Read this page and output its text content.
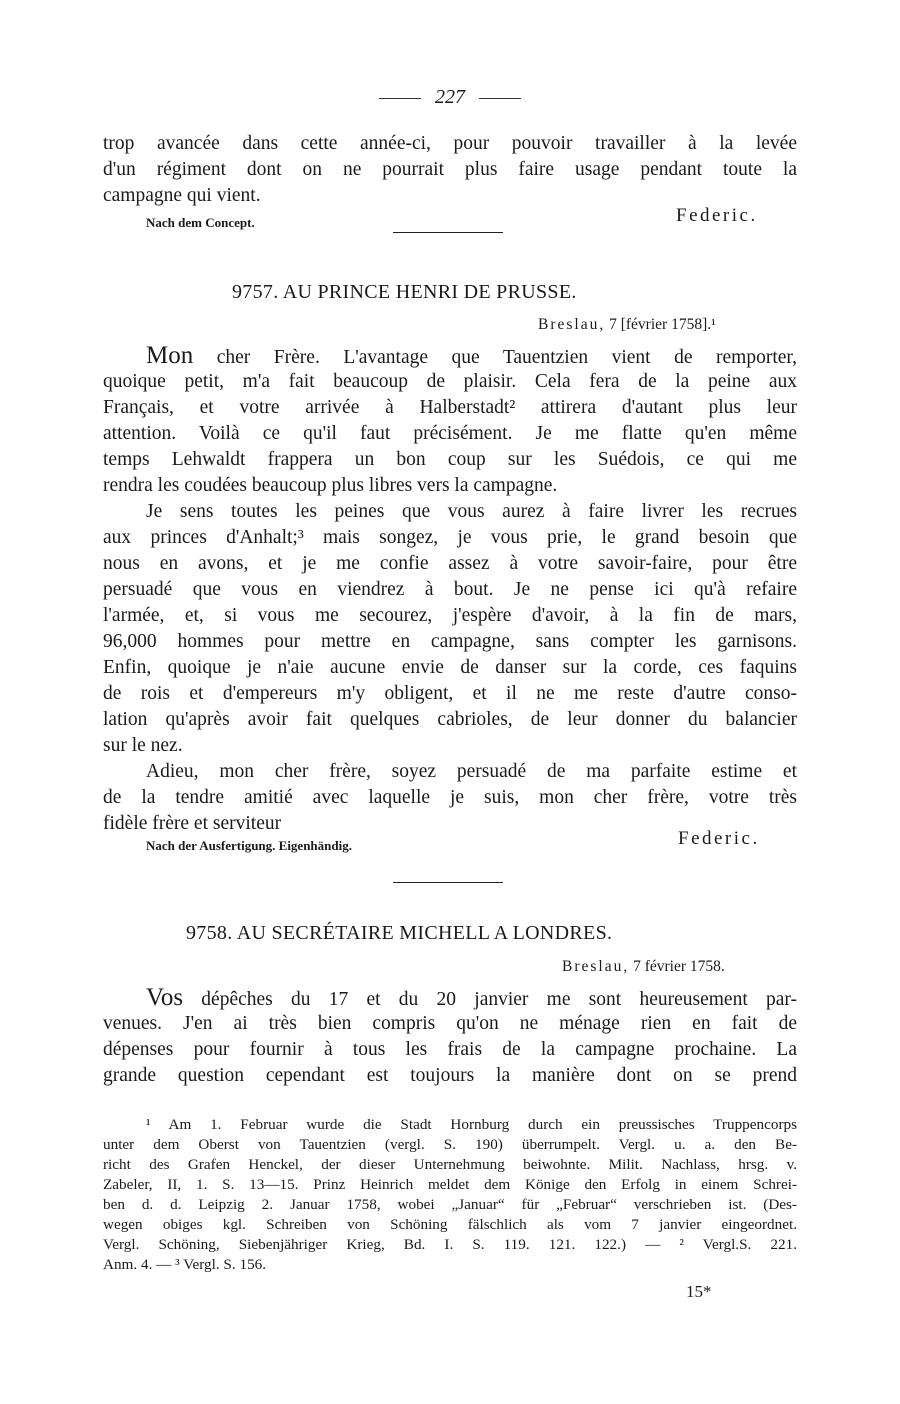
227
trop avancée dans cette année-ci, pour pouvoir travailler à la levée
d'un régiment dont on ne pourrait plus faire usage pendant toute la
campagne qui vient.
Nach dem Concept.	Federic.
9757. AU PRINCE HENRI DE PRUSSE.
Breslau, 7 [février 1758].¹
Mon cher Frère. L'avantage que Tauentzien vient de remporter,
quoique petit, m'a fait beaucoup de plaisir. Cela fera de la peine aux
Français, et votre arrivée à Halberstadt² attirera d'autant plus leur
attention. Voilà ce qu'il faut précisément. Je me flatte qu'en même
temps Lehwaldt frappera un bon coup sur les Suédois, ce qui me
rendra les coudées beaucoup plus libres vers la campagne.
Je sens toutes les peines que vous aurez à faire livrer les recrues
aux princes d'Anhalt;³ mais songez, je vous prie, le grand besoin que
nous en avons, et je me confie assez à votre savoir-faire, pour être
persuadé que vous en viendrez à bout. Je ne pense ici qu'à refaire
l'armée, et, si vous me secourez, j'espère d'avoir, à la fin de mars,
96,000 hommes pour mettre en campagne, sans compter les garnisons.
Enfin, quoique je n'aie aucune envie de danser sur la corde, ces faquins
de rois et d'empereurs m'y obligent, et il ne me reste d'autre conso-
lation qu'après avoir fait quelques cabrioles, de leur donner du balancier
sur le nez.
Adieu, mon cher frère, soyez persuadé de ma parfaite estime et
de la tendre amitié avec laquelle je suis, mon cher frère, votre très
fidèle frère et serviteur
Nach der Ausfertigung. Eigenhändig.	Federic.
9758. AU SECRÉTAIRE MICHELL A LONDRES.
Breslau, 7 février 1758.
Vos dépêches du 17 et du 20 janvier me sont heureusement par-
venues. J'en ai très bien compris qu'on ne ménage rien en fait de
dépenses pour fournir à tous les frais de la campagne prochaine. La
grande question cependant est toujours la manière dont on se prend
¹ Am 1. Februar wurde die Stadt Hornburg durch ein preussisches Truppencorps
unter dem Oberst von Tauentzien (vergl. S. 190) überrumpelt. Vergl. u. a. den Be-
richt des Grafen Henckel, der dieser Unternehmung beiwohnte. Milit. Nachlass, hrsg. v.
Zabeler, II, 1. S. 13—15. Prinz Heinrich meldet dem Könige den Erfolg in einem Schrei-
ben d. d. Leipzig 2. Januar 1758, wobei „Januar“ für „Februar“ verschrieben ist. (Des-
wegen obiges kgl. Schreiben von Schöning fälschlich als vom 7 janvier eingeordnet.
Vergl. Schöning, Siebenjähriger Krieg, Bd. I. S. 119. 121. 122.) — ² Vergl.S. 221.
Anm. 4. — ³ Vergl. S. 156.
15*
